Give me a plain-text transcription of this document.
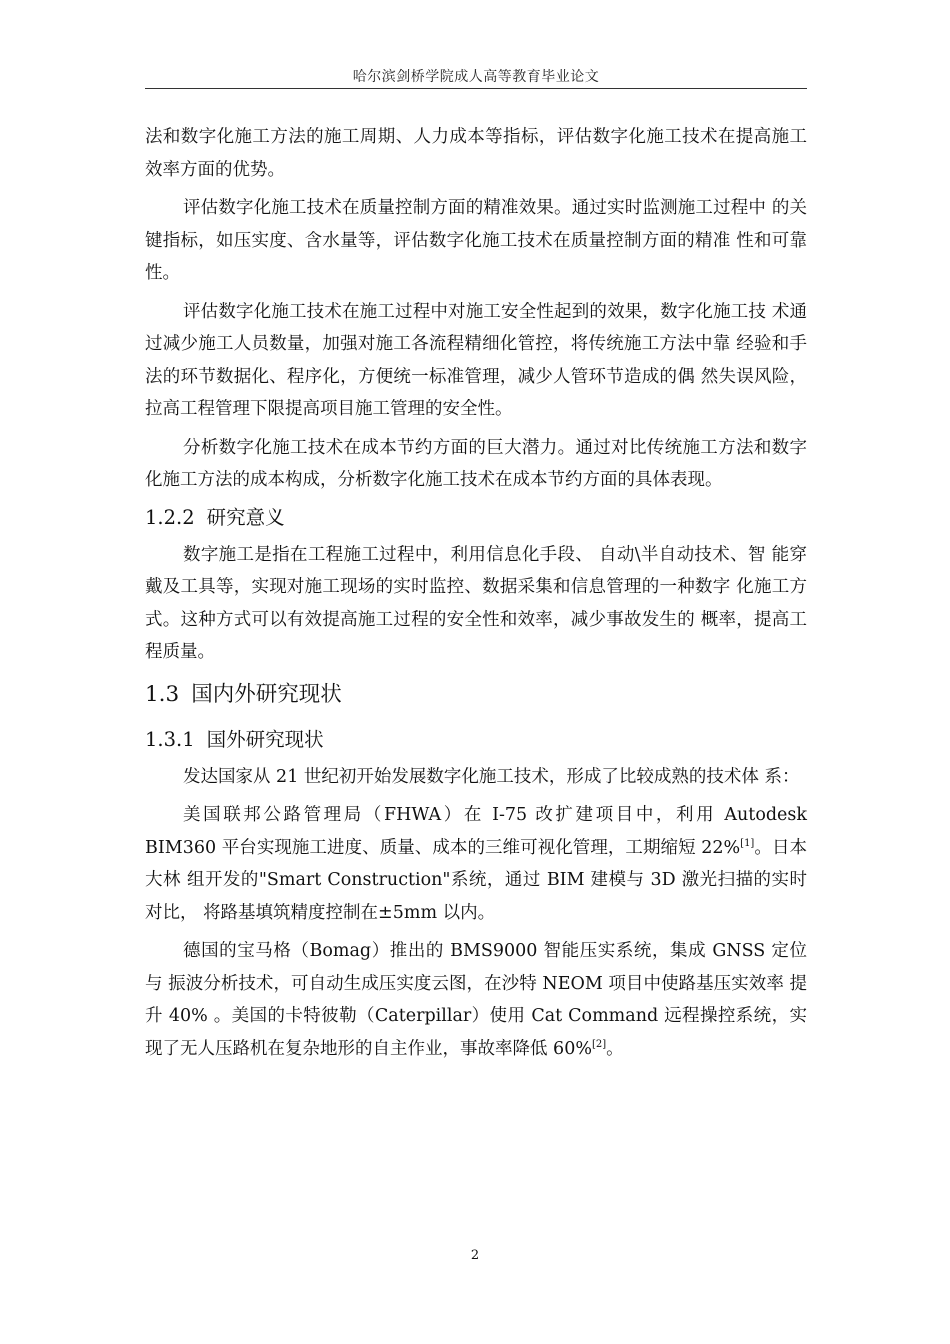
哈尔滨剑桥学院成人高等教育毕业论文

法和数字化施工方法的施工周期、人力成本等指标，评估数字化施工技术在提高施工效率方面的优势。

评估数字化施工技术在质量控制方面的精准效果。通过实时监测施工过程中 的关键指标，如压实度、含水量等，评估数字化施工技术在质量控制方面的精准 性和可靠性。

评估数字化施工技术在施工过程中对施工安全性起到的效果，数字化施工技 术通过减少施工人员数量，加强对施工各流程精细化管控，将传统施工方法中靠 经验和手法的环节数据化、程序化，方便统一标准管理，减少人管环节造成的偶 然失误风险，拉高工程管理下限提高项目施工管理的安全性。

分析数字化施工技术在成本节约方面的巨大潜力。通过对比传统施工方法和数字化施工方法的成本构成，分析数字化施工技术在成本节约方面的具体表现。

1.2.2 研究意义

数字施工是指在工程施工过程中，利用信息化手段、 自动\半自动技术、智 能穿戴及工具等，实现对施工现场的实时监控、数据采集和信息管理的一种数字 化施工方式。这种方式可以有效提高施工过程的安全性和效率，减少事故发生的 概率，提高工程质量。

1.3 国内外研究现状
1.3.1 国外研究现状

发达国家从 21 世纪初开始发展数字化施工技术，形成了比较成熟的技术体 系：

美国联邦公路管理局（FHWA）在 I-75 改扩建项目中，利用 Autodesk BIM360 平台实现施工进度、质量、成本的三维可视化管理，工期缩短 22%[1]。日本大林 组开发的"Smart Construction"系统，通过 BIM 建模与 3D 激光扫描的实时对比， 将路基填筑精度控制在±5mm 以内。

德国的宝马格（Bomag）推出的 BMS9000 智能压实系统，集成 GNSS 定位与 振波分析技术，可自动生成压实度云图，在沙特 NEOM 项目中使路基压实效率 提升 40% 。美国的卡特彼勒（Caterpillar）使用 Cat Command 远程操控系统，实 现了无人压路机在复杂地形的自主作业，事故率降低 60%[2]。

2
